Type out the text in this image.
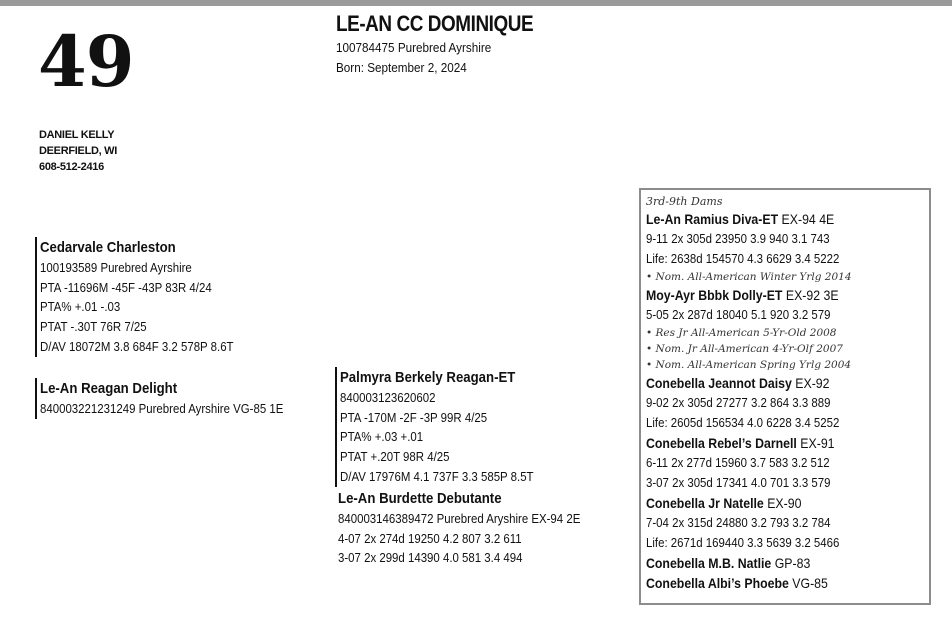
49
DANIEL KELLY
DEERFIELD, WI
608-512-2416
LE-AN CC DOMINIQUE
100784475 Purebred Ayrshire
Born: September 2, 2024
Cedarvale Charleston
100193589 Purebred Ayrshire
PTA -11696M -45F -43P 83R 4/24
PTA% +.01 -.03
PTAT -.30T 76R 7/25
D/AV 18072M 3.8 684F 3.2 578P 8.6T
Le-An Reagan Delight
840003221231249 Purebred Ayrshire VG-85 1E
Palmyra Berkely Reagan-ET
840003123620602
PTA -170M -2F -3P 99R 4/25
PTA% +.03 +.01
PTAT +.20T 98R 4/25
D/AV 17976M 4.1 737F 3.3 585P 8.5T
Le-An Burdette Debutante
840003146389472 Purebred Aryshire EX-94 2E
4-07 2x 274d 19250 4.2 807 3.2 611
3-07 2x 299d 14390 4.0 581 3.4 494
3rd-9th Dams
Le-An Ramius Diva-ET EX-94 4E
9-11 2x 305d 23950 3.9 940 3.1 743
Life: 2638d 154570 4.3 6629 3.4 5222
• Nom. All-American Winter Yrlg 2014
Moy-Ayr Bbbk Dolly-ET EX-92 3E
5-05 2x 287d 18040 5.1 920 3.2 579
• Res Jr All-American 5-Yr-Old 2008
• Nom. Jr All-American 4-Yr-Olf 2007
• Nom. All-American Spring Yrlg 2004
Conebella Jeannot Daisy EX-92
9-02 2x 305d 27277 3.2 864 3.3 889
Life: 2605d 156534 4.0 6228 3.4 5252
Conebella Rebel’s Darnell EX-91
6-11 2x 277d 15960 3.7 583 3.2 512
3-07 2x 305d 17341 4.0 701 3.3 579
Conebella Jr Natelle EX-90
7-04 2x 315d 24880 3.2 793 3.2 784
Life: 2671d 169440 3.3 5639 3.2 5466
Conebella M.B. Natlie GP-83
Conebella Albi’s Phoebe VG-85
